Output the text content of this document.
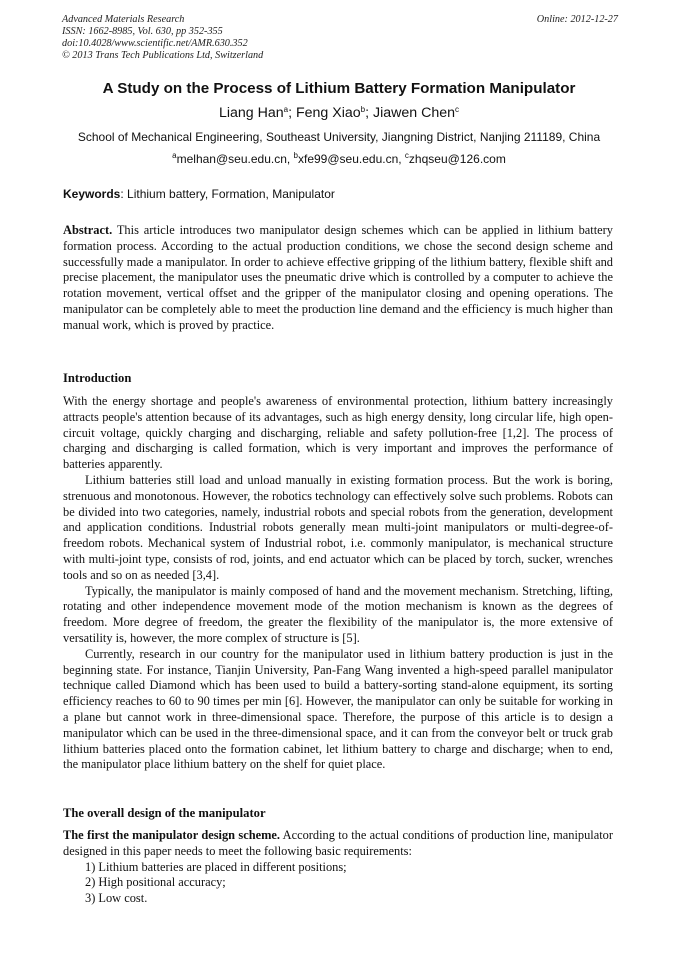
Advanced Materials Research
ISSN: 1662-8985, Vol. 630, pp 352-355
doi:10.4028/www.scientific.net/AMR.630.352
© 2013 Trans Tech Publications Ltd, Switzerland
Online: 2012-12-27
A Study on the Process of Lithium Battery Formation Manipulator
Liang Han$^a$; Feng Xiao$^b$; Jiawen Chen$^c$
School of Mechanical Engineering, Southeast University, Jiangning District, Nanjing 211189, China
$^a$melhan@seu.edu.cn, $^b$xfe99@seu.edu.cn, $^c$zhqseu@126.com
Keywords: Lithium battery, Formation, Manipulator

Abstract. This article introduces two manipulator design schemes which can be applied in lithium battery formation process. According to the actual production conditions, we chose the second design scheme and successfully made a manipulator. In order to achieve effective gripping of the lithium battery, flexible shift and precise placement, the manipulator uses the pneumatic drive which is controlled by a computer to achieve the rotation movement, vertical offset and the gripper of the manipulator closing and opening operations. The manipulator can be completely able to meet the production line demand and the efficiency is much higher than manual work, which is proved by practice.

Introduction

With the energy shortage and people's awareness of environmental protection, lithium battery increasingly attracts people's attention because of its advantages, such as high energy density, long circular life, high open-circuit voltage, quickly charging and discharging, reliable and safety pollution-free [1,2]. The process of charging and discharging is called formation, which is very important and improves the performance of batteries apparently.

Lithium batteries still load and unload manually in existing formation process. But the work is boring, strenuous and monotonous. However, the robotics technology can effectively solve such problems. Robots can be divided into two categories, namely, industrial robots and special robots from the generation, development and application conditions. Industrial robots generally mean multi-joint manipulators or multi-degree-of-freedom robots. Mechanical system of Industrial robot, i.e. commonly manipulator, is mechanical structure with multi-joint type, consists of rod, joints, and end actuator which can be placed by torch, sucker, wrenches tools and so on as needed [3,4].

Typically, the manipulator is mainly composed of hand and the movement mechanism. Stretching, lifting, rotating and other independence movement mode of the motion mechanism is known as the degrees of freedom. More degree of freedom, the greater the flexibility of the manipulator is, the more extensive of versatility is, however, the more complex of structure is [5].

Currently, research in our country for the manipulator used in lithium battery production is just in the beginning state. For instance, Tianjin University, Pan-Fang Wang invented a high-speed parallel manipulator technique called Diamond which has been used to build a battery-sorting stand-alone equipment, its sorting efficiency reaches to 60 to 90 times per min [6]. However, the manipulator can only be suitable for working in a plane but cannot work in three-dimensional space. Therefore, the purpose of this article is to design a manipulator which can be used in the three-dimensional space, and it can from the conveyor belt or truck grab lithium batteries placed onto the formation cabinet, let lithium battery to charge and discharge; when to end, the manipulator place lithium battery on the shelf for quiet place.

The overall design of the manipulator

The first the manipulator design scheme. According to the actual conditions of production line, manipulator designed in this paper needs to meet the following basic requirements:

1) Lithium batteries are placed in different positions;
2) High positional accuracy;
3) Low cost.
